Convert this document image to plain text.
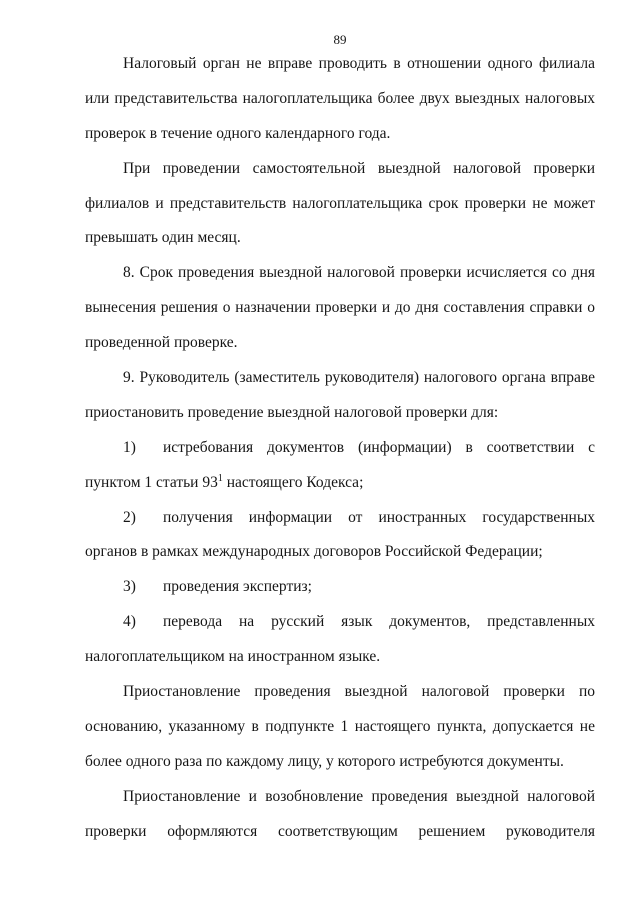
89
Налоговый орган не вправе проводить в отношении одного филиала
или представительства налогоплательщика более двух выездных налоговых
проверок в течение одного календарного года.
При проведении самостоятельной выездной налоговой проверки
филиалов и представительств налогоплательщика срок проверки не может
превышать один месяц.
8. Срок проведения выездной налоговой проверки исчисляется со дня
вынесения решения о назначении проверки и до дня составления справки о
проведенной проверке.
9. Руководитель (заместитель руководителя) налогового органа вправе
приостановить проведение выездной налоговой проверки для:
1) истребования документов (информации) в соответствии с
пунктом 1 статьи $93^1$ настоящего Кодекса;
2) получения информации от иностранных государственных
органов в рамках международных договоров Российской Федерации;
3) проведения экспертиз;
4) перевода на русский язык документов, представленных
налогоплательщиком на иностранном языке.
Приостановление проведения выездной налоговой проверки по
основанию, указанному в подпункте 1 настоящего пункта, допускается не
более одного раза по каждому лицу, у которого истребуются документы.
Приостановление и возобновление проведения выездной налоговой
проверки оформляются соответствующим решением руководителя
